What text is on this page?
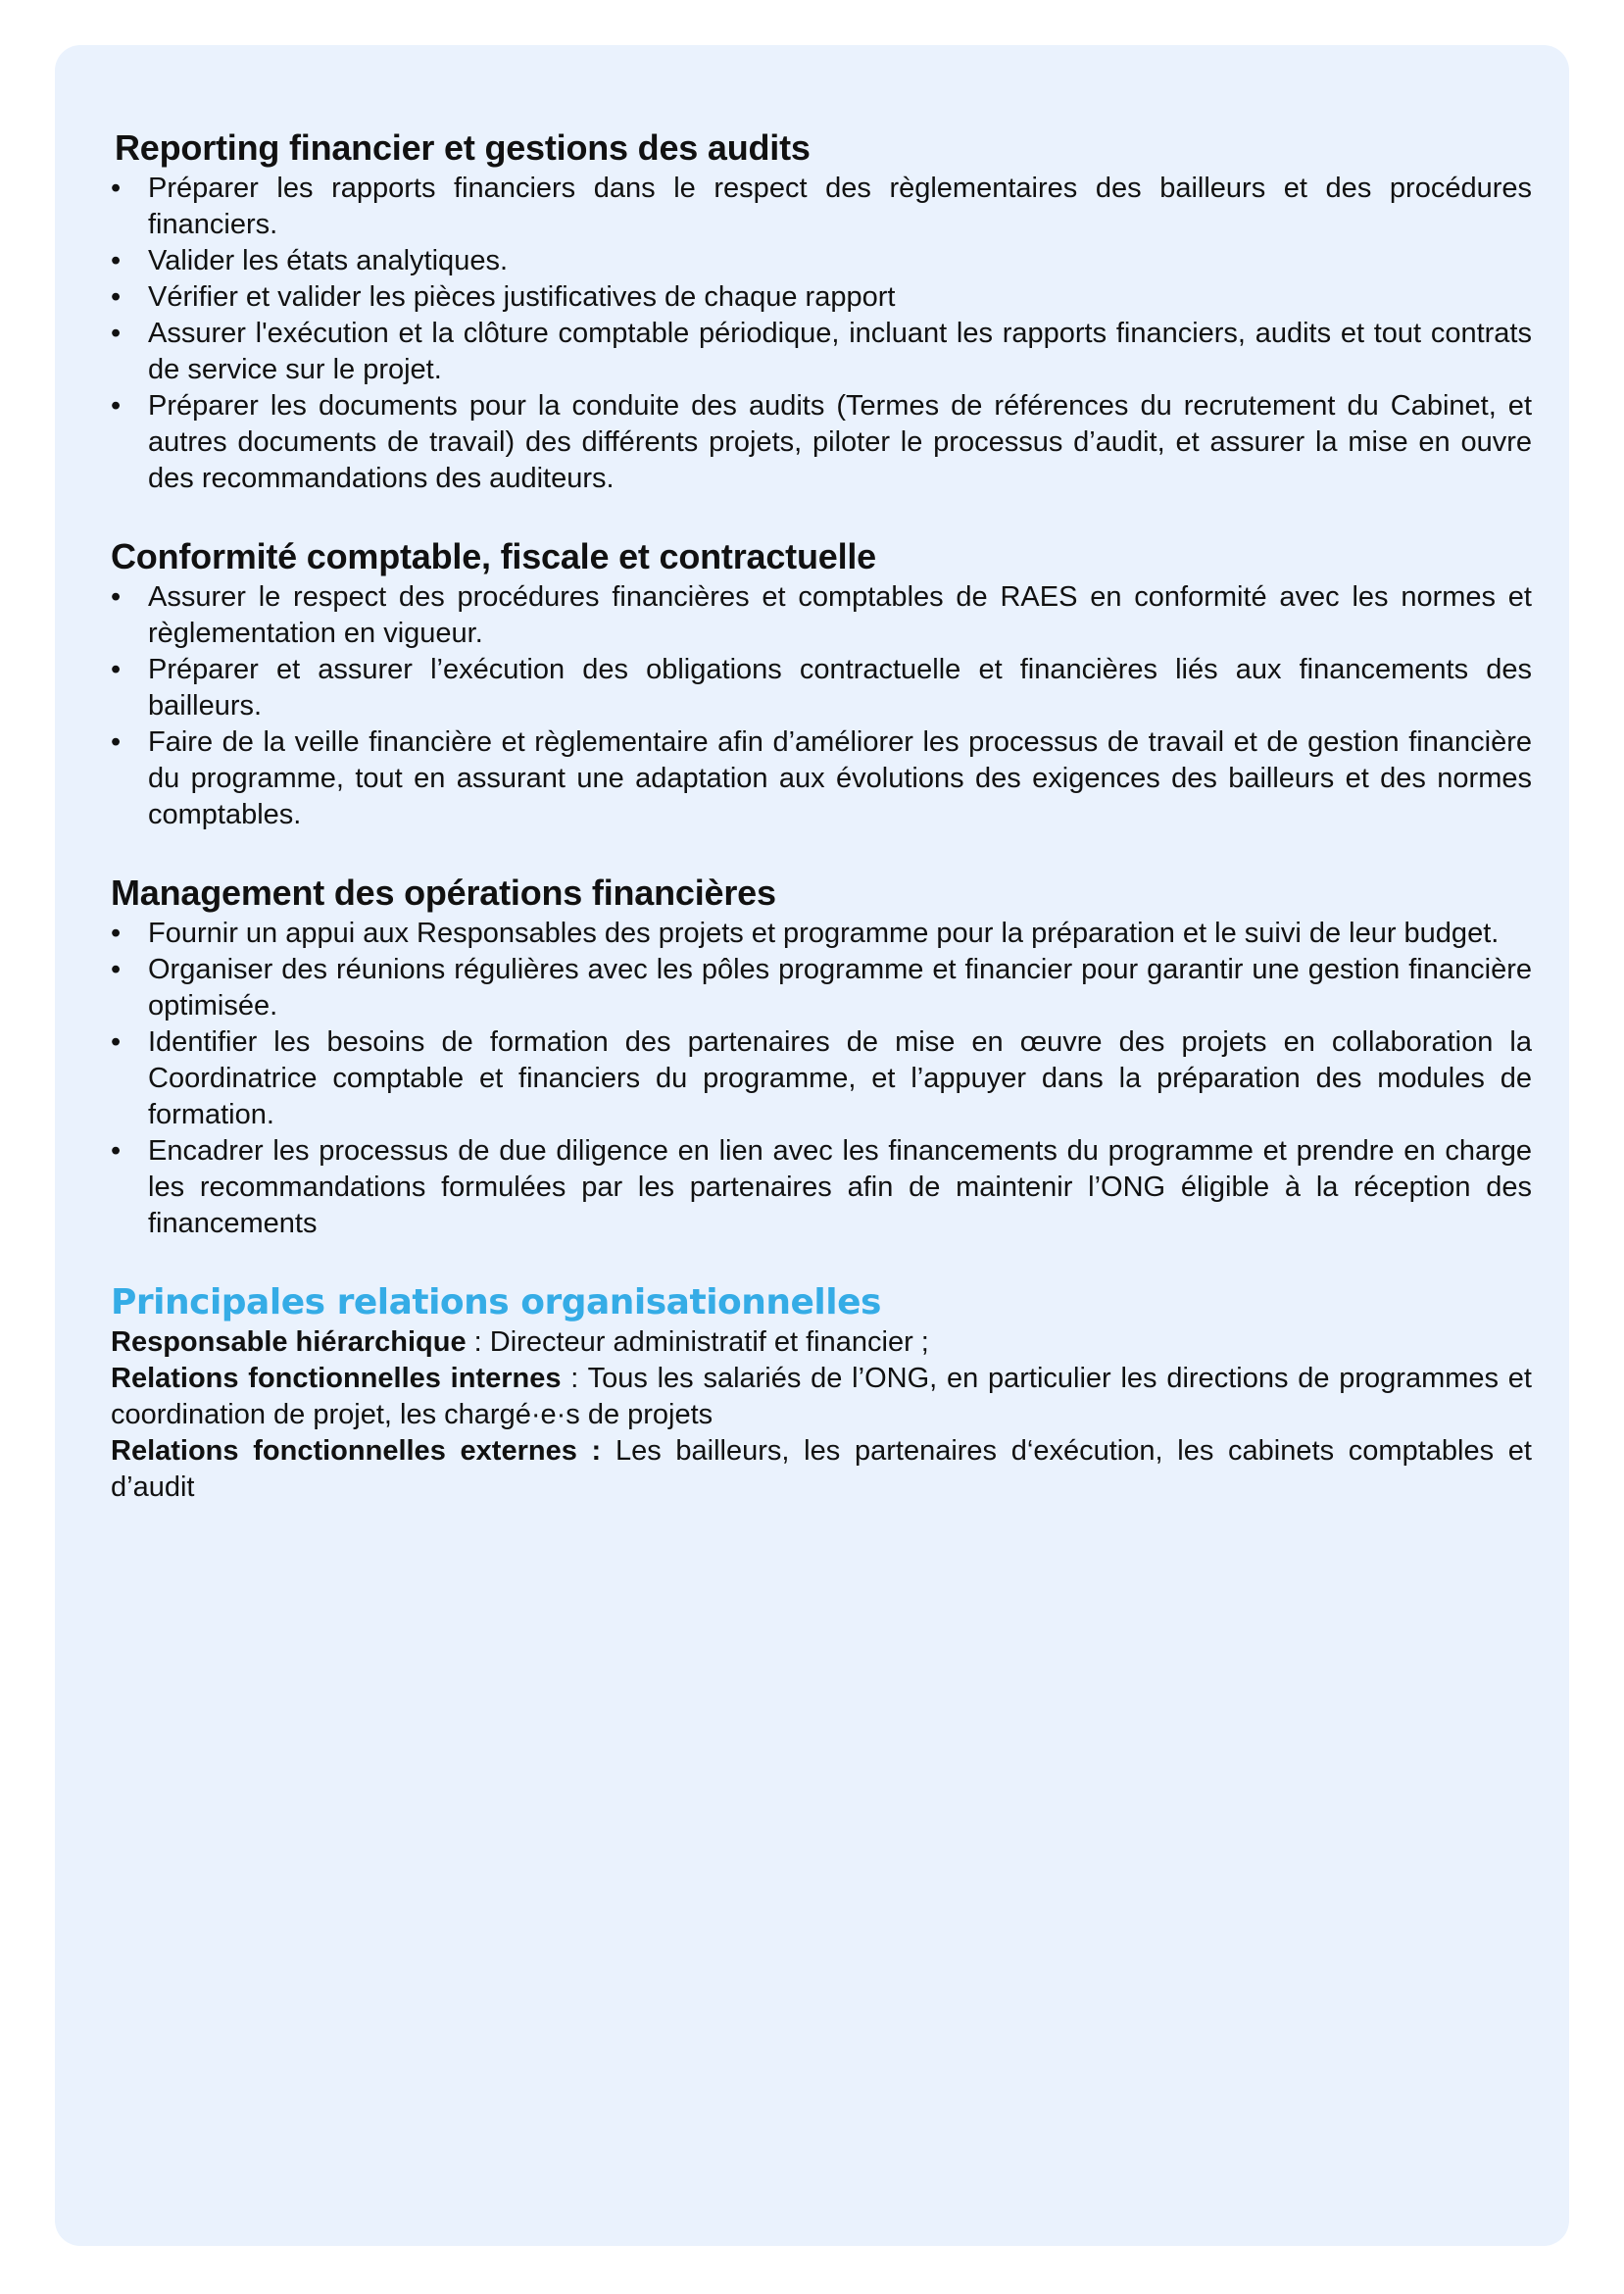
Reporting financier et gestions des audits
• Préparer les rapports financiers dans le respect des règlementaires des bailleurs et des procédures financiers.
• Valider les états analytiques.
• Vérifier et valider les pièces justificatives de chaque rapport
• Assurer l'exécution et la clôture comptable périodique, incluant les rapports financiers, audits et tout contrats de service sur le projet.
• Préparer les documents pour la conduite des audits (Termes de références du recrutement du Cabinet, et autres documents de travail) des différents projets, piloter le processus d’audit, et assurer la mise en ouvre des recommandations des auditeurs.
Conformité comptable, fiscale et contractuelle
• Assurer le respect des procédures financières et comptables de RAES en conformité avec les normes et règlementation en vigueur.
• Préparer et assurer l’exécution des obligations contractuelle et financières liés aux financements des bailleurs.
• Faire de la veille financière et règlementaire afin d’améliorer les processus de travail et de gestion financière du programme, tout en assurant une adaptation aux évolutions des exigences des bailleurs et des normes comptables.
Management des opérations financières
• Fournir un appui aux Responsables des projets et programme pour la préparation et le suivi de leur budget.
• Organiser des réunions régulières avec les pôles programme et financier pour garantir une gestion financière optimisée.
• Identifier les besoins de formation des partenaires de mise en œuvre des projets en collaboration la Coordinatrice comptable et financiers du programme, et l’appuyer dans la préparation des modules de formation.
• Encadrer les processus de due diligence en lien avec les financements du programme et prendre en charge les recommandations formulées par les partenaires afin de maintenir l’ONG éligible à la réception des financements
Principales relations organisationnelles

Responsable hiérarchique : Directeur administratif et financier ;

Relations fonctionnelles internes : Tous les salariés de l’ONG, en particulier les directions de programmes et coordination de projet, les chargé·e·s de projets

Relations fonctionnelles externes : Les bailleurs, les partenaires d‘exécution, les cabinets comptables et d’audit
